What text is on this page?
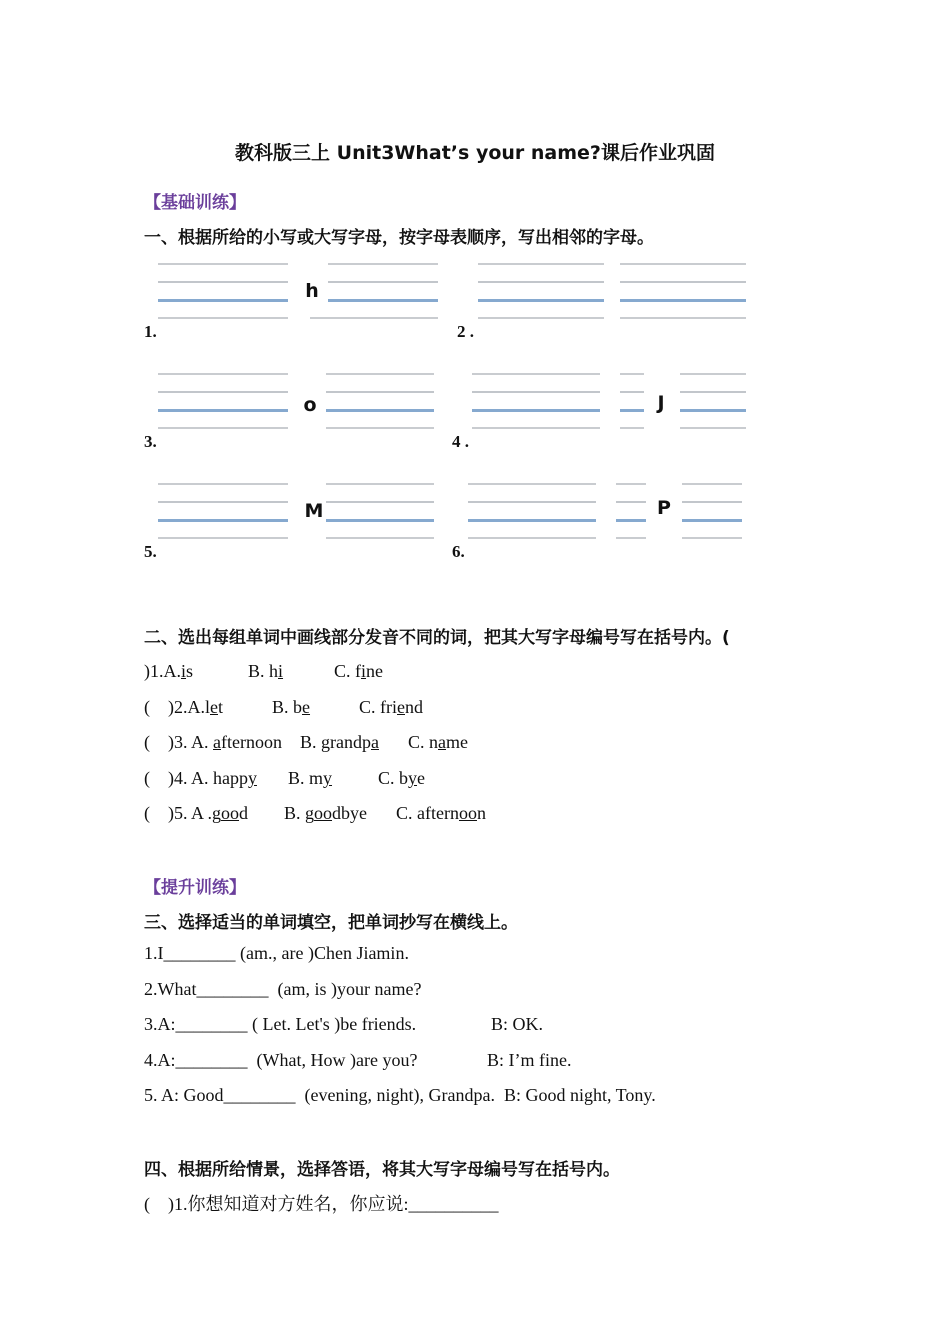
教科版三上 Unit3What’s your name?课后作业巩固
【基础训练】
一、根据所给的小写或大写字母，按字母表顺序，写出相邻的字母。
h
1.	2 .
o
3.
J
4 .
M
5.
P
6.
二、选出每组单词中画线部分发音不同的词，把其大写字母编号写在括号内。(
)1.A.is	B. hi	C. fine
(    )2.A.let	B. be	C. friend
(    )3. A. afternoon B. grandpa C. name
(    )4. A. happy B. my	C. bye
(    )5. A .good B. goodbye C. afternoon
【提升训练】
三、选择适当的单词填空，把单词抄写在横线上。
1.I________ (am., are )Chen Jiamin.
2.What________  (am, is )your name?
3.A:________ ( Let. Let's )be friends.	B: OK.
4.A:________  (What, How )are you?	B: I’m fine.
5. A: Good________  (evening, night), Grandpa.  B: Good night, Tony.
四、根据所给情景，选择答语，将其大写字母编号写在括号内。
(    )1.你想知道对方姓名，你应说:__________
